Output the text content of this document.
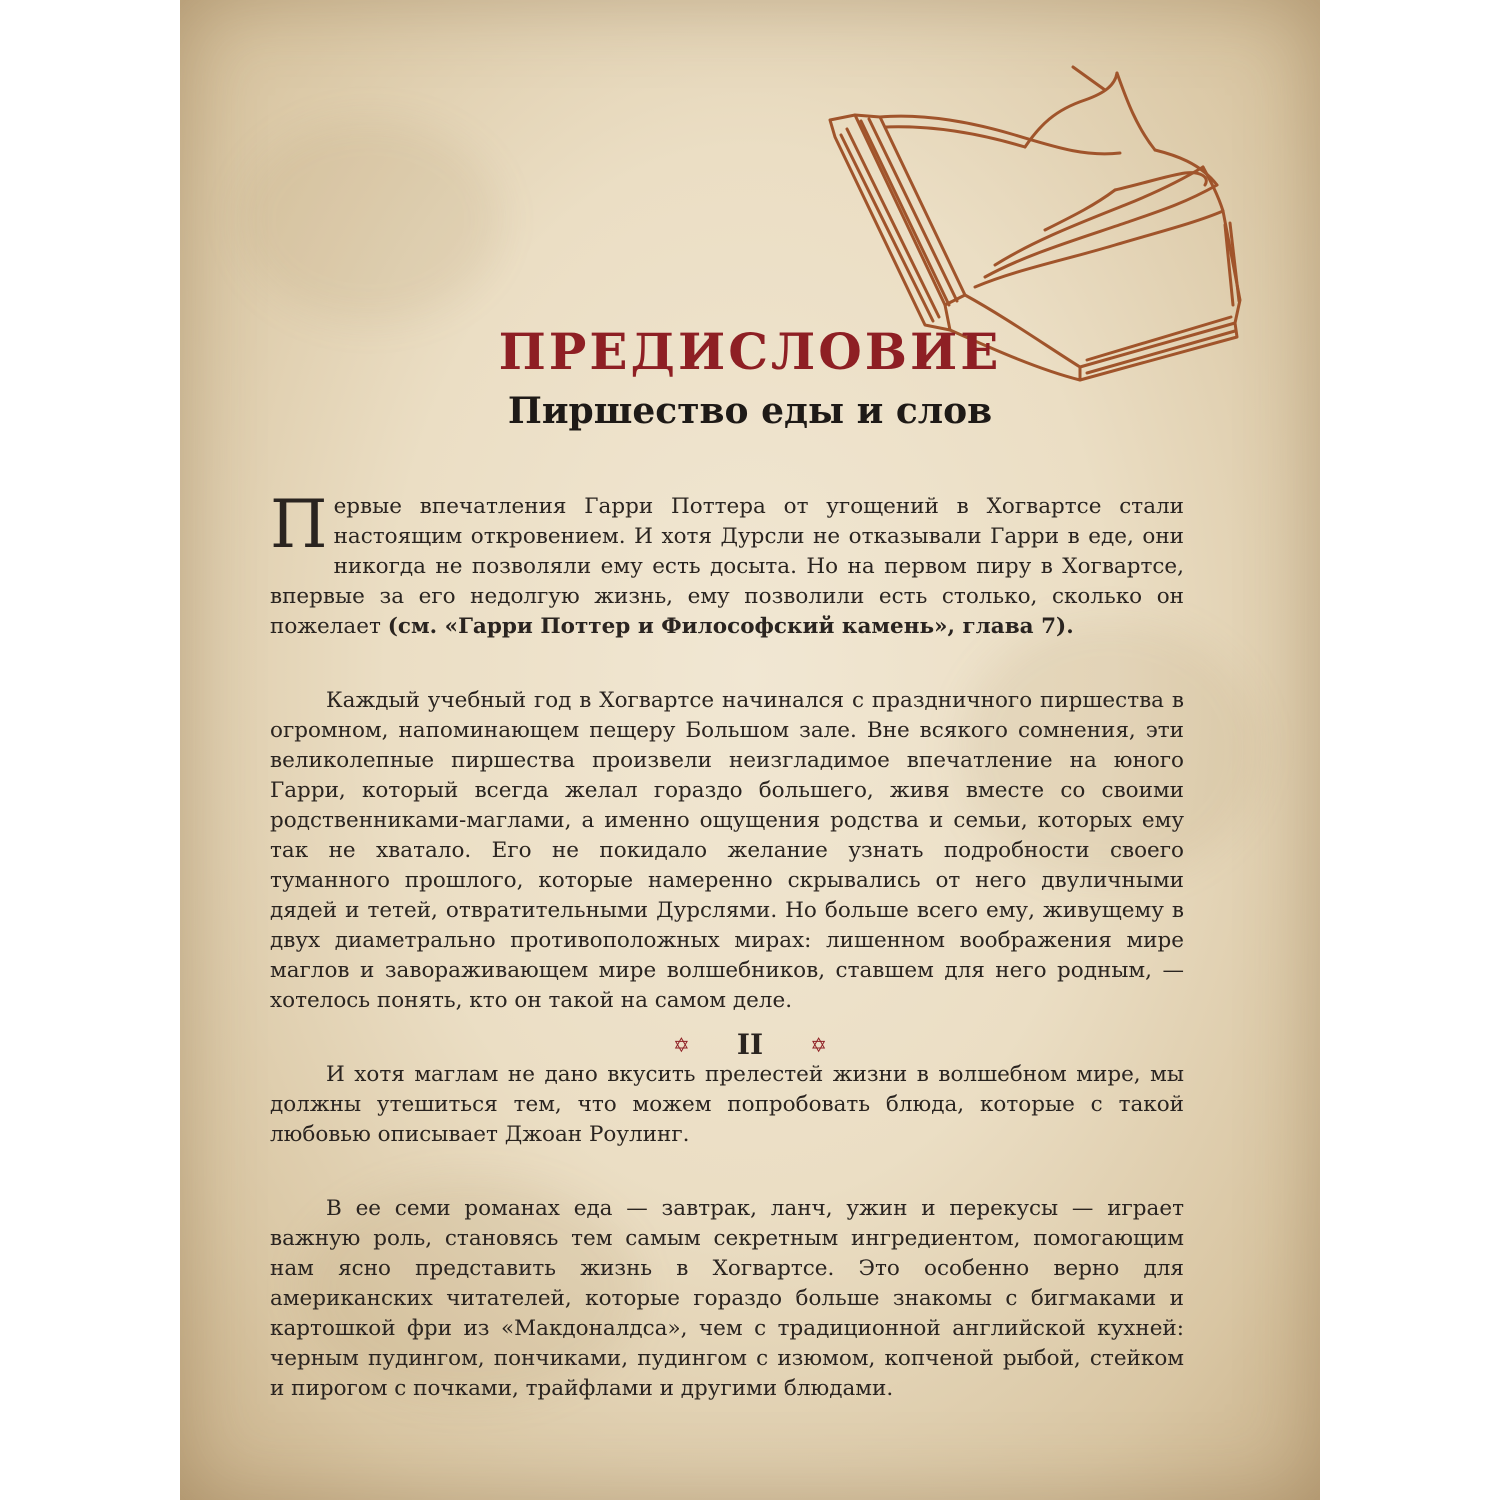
ПРЕДИСЛОВИЕ
Пиршество еды и слов

Первые впечатления Гарри Поттера от угощений в Хогвартсе стали настоящим откровением. И хотя Дурсли не отказывали Гарри в еде, они никогда не позволяли ему есть досыта. Но на первом пиру в Хогвартсе, впервые за его недолгую жизнь, ему позволили есть столько, сколько он пожелает (см. «Гарри Поттер и Философский камень», глава 7).

Каждый учебный год в Хогвартсе начинался с праздничного пиршества в огромном, напоминающем пещеру Большом зале. Вне всякого сомнения, эти великолепные пиршества произвели неизгладимое впечатление на юного Гарри, который всегда желал гораздо большего, живя вместе со своими родственниками-маглами, а именно ощущения родства и семьи, которых ему так не хватало. Его не покидало желание узнать подробности своего туманного прошлого, которые намеренно скрывались от него двуличными дядей и тетей, отвратительными Дурслями. Но больше всего ему, живущему в двух диаметрально противоположных мирах: лишенном воображения мире маглов и завораживающем мире волшебников, ставшем для него родным, — хотелось понять, кто он такой на самом деле.

И хотя маглам не дано вкусить прелестей жизни в волшебном мире, мы должны утешиться тем, что можем попробовать блюда, которые с такой любовью описывает Джоан Роулинг.

В ее семи романах еда — завтрак, ланч, ужин и перекусы — играет важную роль, становясь тем самым секретным ингредиентом, помогающим нам ясно представить жизнь в Хогвартсе. Это особенно верно для американских читателей, которые гораздо больше знакомы с бигмаками и картошкой фри из «Макдоналдса», чем с традиционной английской кухней: черным пудингом, пончиками, пудингом с изюмом, копченой рыбой, стейком и пирогом с почками, трайфлами и другими блюдами.

✡ II ✡
